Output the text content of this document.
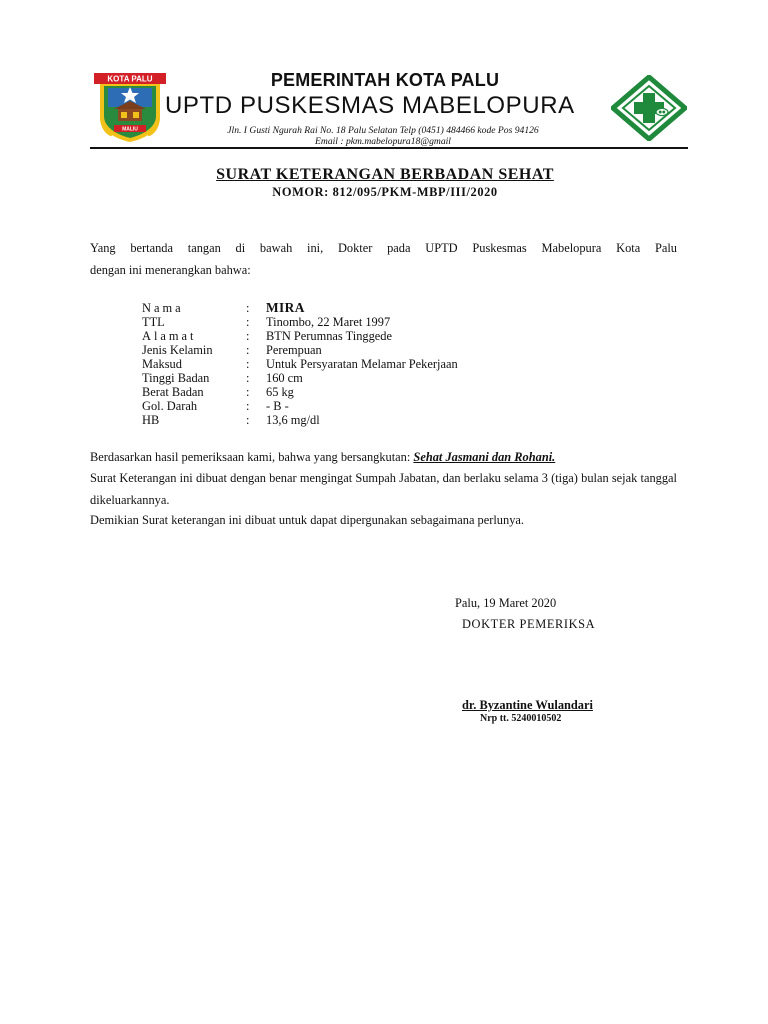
KOTA PALU
MALIU
PEMERINTAH KOTA PALU
UPTD PUSKESMAS MABELOPURA
Jln. I Gusti Ngurah Rai No. 18 Palu Selatan Telp (0451) 484466 kode Pos 94126
Email : pkm.mabelopura18@gmail
SURAT KETERANGAN BERBADAN SEHAT
NOMOR: 812/095/PKM-MBP/III/2020
Yang bertanda tangan di bawah ini, Dokter pada UPTD Puskesmas Mabelopura Kota Palu
dengan ini menerangkan bahwa:
Nama	: MIRA
TTL	: Tinombo, 22 Maret 1997
Alamat	: BTN Perumnas Tinggede
Jenis Kelamin	: Perempuan
Maksud	: Untuk Persyaratan Melamar Pekerjaan
Tinggi Badan	: 160 cm
Berat Badan	: 65 kg
Gol. Darah	: - B -
HB	: 13,6 mg/dl
Berdasarkan hasil pemeriksaan kami, bahwa yang bersangkutan: Sehat Jasmani dan Rohani.
Surat Keterangan ini dibuat dengan benar mengingat Sumpah Jabatan, dan berlaku selama 3 (tiga) bulan sejak tanggal dikeluarkannya.
Demikian Surat keterangan ini dibuat untuk dapat dipergunakan sebagaimana perlunya.
Palu, 19 Maret 2020
DOKTER PEMERIKSA
dr. Byzantine Wulandari
Nrp tt. 5240010502
